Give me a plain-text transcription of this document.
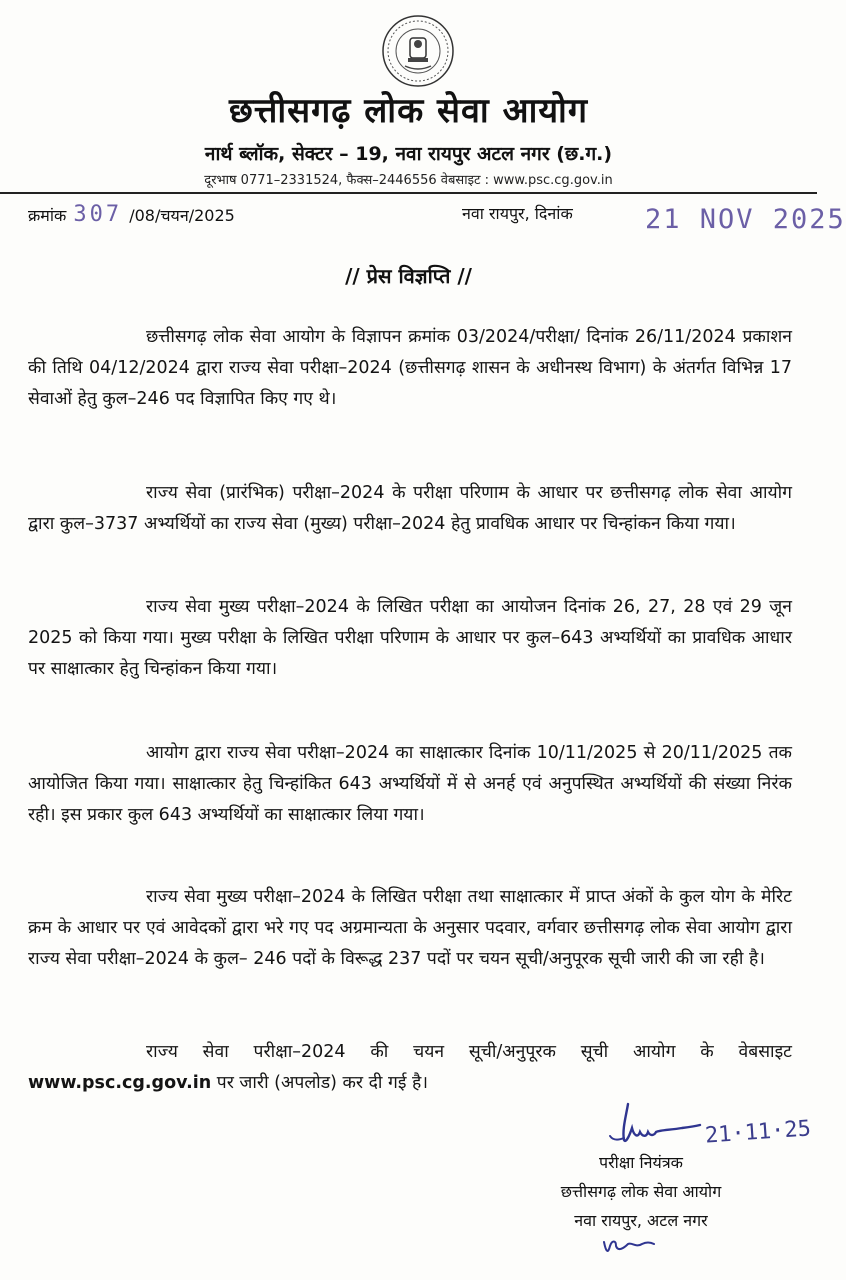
छत्तीसगढ़ लोक सेवा आयोग
नार्थ ब्लॉक, सेक्टर – 19, नवा रायपुर अटल नगर (छ.ग.)
दूरभाष 0771–2331524, फैक्स–2446556 वेबसाइट : www.psc.cg.gov.in
क्रमांक 307 /08/चयन/2025	नवा रायपुर, दिनांक	21 NOV 2025
// प्रेस विज्ञप्ति //

छत्तीसगढ़ लोक सेवा आयोग के विज्ञापन क्रमांक 03/2024/परीक्षा/ दिनांक 26/11/2024 प्रकाशन की तिथि 04/12/2024 द्वारा राज्य सेवा परीक्षा–2024 (छत्तीसगढ़ शासन के अधीनस्थ विभाग) के अंतर्गत विभिन्न 17 सेवाओं हेतु कुल–246 पद विज्ञापित किए गए थे।

राज्य सेवा (प्रारंभिक) परीक्षा–2024 के परीक्षा परिणाम के आधार पर छत्तीसगढ़ लोक सेवा आयोग द्वारा कुल–3737 अभ्यर्थियों का राज्य सेवा (मुख्य) परीक्षा–2024 हेतु प्रावधिक आधार पर चिन्हांकन किया गया।

राज्य सेवा मुख्य परीक्षा–2024 के लिखित परीक्षा का आयोजन दिनांक 26, 27, 28 एवं 29 जून 2025 को किया गया। मुख्य परीक्षा के लिखित परीक्षा परिणाम के आधार पर कुल–643 अभ्यर्थियों का प्रावधिक आधार पर साक्षात्कार हेतु चिन्हांकन किया गया।

आयोग द्वारा राज्य सेवा परीक्षा–2024 का साक्षात्कार दिनांक 10/11/2025 से 20/11/2025 तक आयोजित किया गया। साक्षात्कार हेतु चिन्हांकित 643 अभ्यर्थियों में से अनर्ह एवं अनुपस्थित अभ्यर्थियों की संख्या निरंक रही। इस प्रकार कुल 643 अभ्यर्थियों का साक्षात्कार लिया गया।

राज्य सेवा मुख्य परीक्षा–2024 के लिखित परीक्षा तथा साक्षात्कार में प्राप्त अंकों के कुल योग के मेरिट क्रम के आधार पर एवं आवेदकों द्वारा भरे गए पद अग्रमान्यता के अनुसार पदवार, वर्गवार छत्तीसगढ़ लोक सेवा आयोग द्वारा राज्य सेवा परीक्षा–2024 के कुल– 246 पदों के विरूद्ध 237 पदों पर चयन सूची/अनुपूरक सूची जारी की जा रही है।

राज्य सेवा परीक्षा–2024 की चयन सूची/अनुपूरक सूची आयोग के वेबसाइट www.psc.cg.gov.in पर जारी (अपलोड) कर दी गई है।

21·11·25
परीक्षा नियंत्रक
छत्तीसगढ़ लोक सेवा आयोग
नवा रायपुर, अटल नगर
